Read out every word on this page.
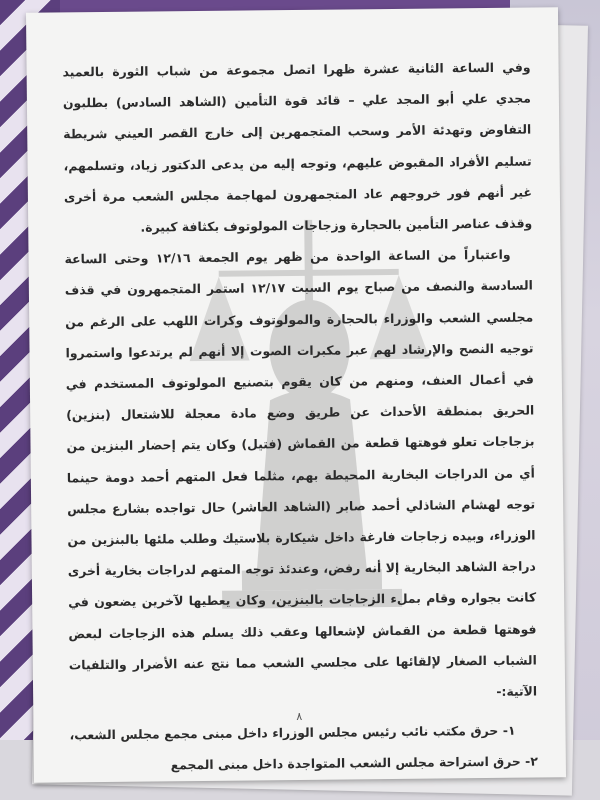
وفي الساعة الثانية عشرة ظهرا اتصل مجموعة من شباب الثورة بالعميد مجدي علي أبو المجد علي – قائد قوة التأمين (الشاهد السادس) بطلبون التفاوض وتهدئة الأمر وسحب المتجمهرين إلى خارج القصر العيني شريطة تسليم الأفراد المقبوض عليهم، وتوجه إليه من يدعى الدكتور زياد، وتسلمهم، غير أنهم فور خروجهم عاد المتجمهرون لمهاجمة مجلس الشعب مرة أخرى وقذف عناصر التأمين بالحجارة وزجاجات المولوتوف بكثافة كبيرة.

واعتباراً من الساعة الواحدة من ظهر يوم الجمعة ١٢/١٦ وحتى الساعة السادسة والنصف من صباح يوم السبت ١٢/١٧ استمر المتجمهرون في قذف مجلسي الشعب والوزراء بالحجارة والمولوتوف وكرات اللهب على الرغم من توجيه النصح والإرشاد لهم عبر مكبرات الصوت إلا أنهم لم يرتدعوا واستمروا في أعمال العنف، ومنهم من كان يقوم بتصنيع المولوتوف المستخدم في الحريق بمنطقة الأحداث عن طريق وضع مادة معجلة للاشتعال (بنزين) بزجاجات تعلو فوهتها قطعة من القماش (فتيل) وكان يتم إحضار البنزين من أي من الدراجات البخارية المحيطة بهم، مثلما فعل المتهم أحمد دومة حينما توجه لهشام الشاذلي أحمد صابر (الشاهد العاشر) حال تواجده بشارع مجلس الوزراء، وبيده زجاجات فارغة داخل شيكارة بلاستيك وطلب ملئها بالبنزين من دراجة الشاهد البخارية إلا أنه رفض، وعندئذ توجه المتهم لدراجات بخارية أخرى كانت بجواره وقام بملء الزجاجات بالبنزين، وكان يعطيها لآخرين يضعون في فوهتها قطعة من القماش لإشعالها وعقب ذلك يسلم هذه الزجاجات لبعض الشباب الصغار لإلقائها على مجلسي الشعب مما نتج عنه الأضرار والتلفيات الآتية:-

١- حرق مكتب نائب رئيس مجلس الوزراء داخل مبنى مجمع مجلس الشعب، ٢- حرق استراحة مجلس الشعب المتواجدة داخل مبنى المجمع

٨
